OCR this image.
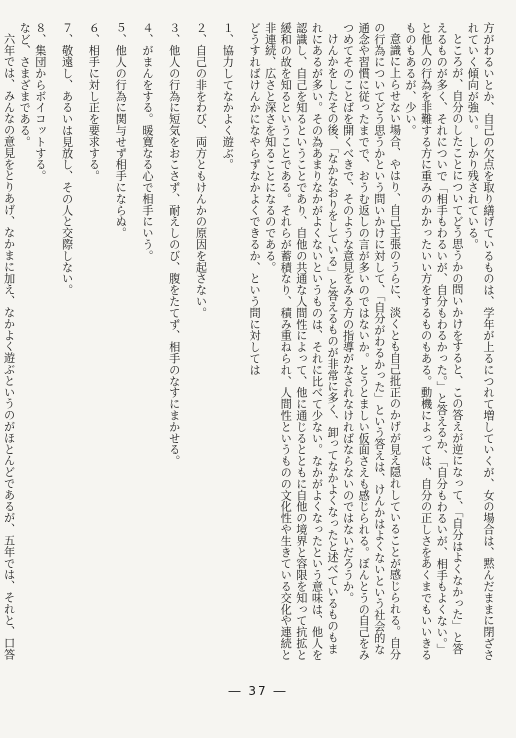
方がわるいとか、自己の欠点を取り繕げているものは、学年が上るにつれて増していくが、女の場合は、黙んだままに閉ざされていく傾向が強い。しかり残されている。

ところが、自分のしたことについてどう思うかの問いかけをすると、この答えが逆になって、「自分はよくなかった」と答えるものが多く、それについで「相手もわるいが、自分もわるかった。」と答えるか、「自分もわるいが、相手もよくない。」と他人の行為を非難する方に重みのかかったいい方をするものもある。動機によっては、自分の正しさをあくまでもいいきるものもあるが、少い。

意識に上らせない場合、やはり、自己主張のうらに、淡くとも自己批正のかげが見え隠れしていることが感じられる。自分の行為についてどう思うかという問いかけに対して、「自分がわるかった」という答えは、けんかはよくないという社会的な通念や習慣に従ったまでで、おうむ返しの言が多いのではないか。とうとましい仮面さえも感じられる。ぼんとうの自己をみつめてそのことばを開くべきで、そのような意見をみる方の指導がなされなければならないのではないだろうか。

けんかをしたその後、「なかなおりをしている」と答えるものが非常に多く、卸ってなかよくなったと述べているものもまれにあるが多い。その為あまりなかがよくないというものは、それに比べて少ない。なかがよくなったという意味は、他人を認識し、自己を知るということであり、自他の共通な人間性によって、他に通じるとともに自他の境界と容限を知って抗拡と緩和の故を知るということである。それらが蓄積なり、積み重ねられ、人間性というものの文化性や生きている交化や連続と非連続、広さと深さを知ることになるのである。

どうすればけんかになやらずなかよくできるか、という問に対しては

１、協力してなかよく遊ぶ。

２、自己の非をわび、両方ともけんかの原因を起さない。

３、他人の行為に短気をおこさず、耐えしのび、腹をたてず、相手のなすにまかせる。

４、がまんをする。暖寛なる心で相手にいう。

５、他人の行為に関与せず相手にならぬ。

６、相手に対し正を要求する。

７、敬遠し、あるいは見放し、その人と交際しない。

８、集団からボイコットする。

など、さまざまである。

六年では、みんなの意見をとりあげ、なかまに加え、なかよく遊ぶというのがほとんどであるが、五年では、それと、口答

― 37 ―
